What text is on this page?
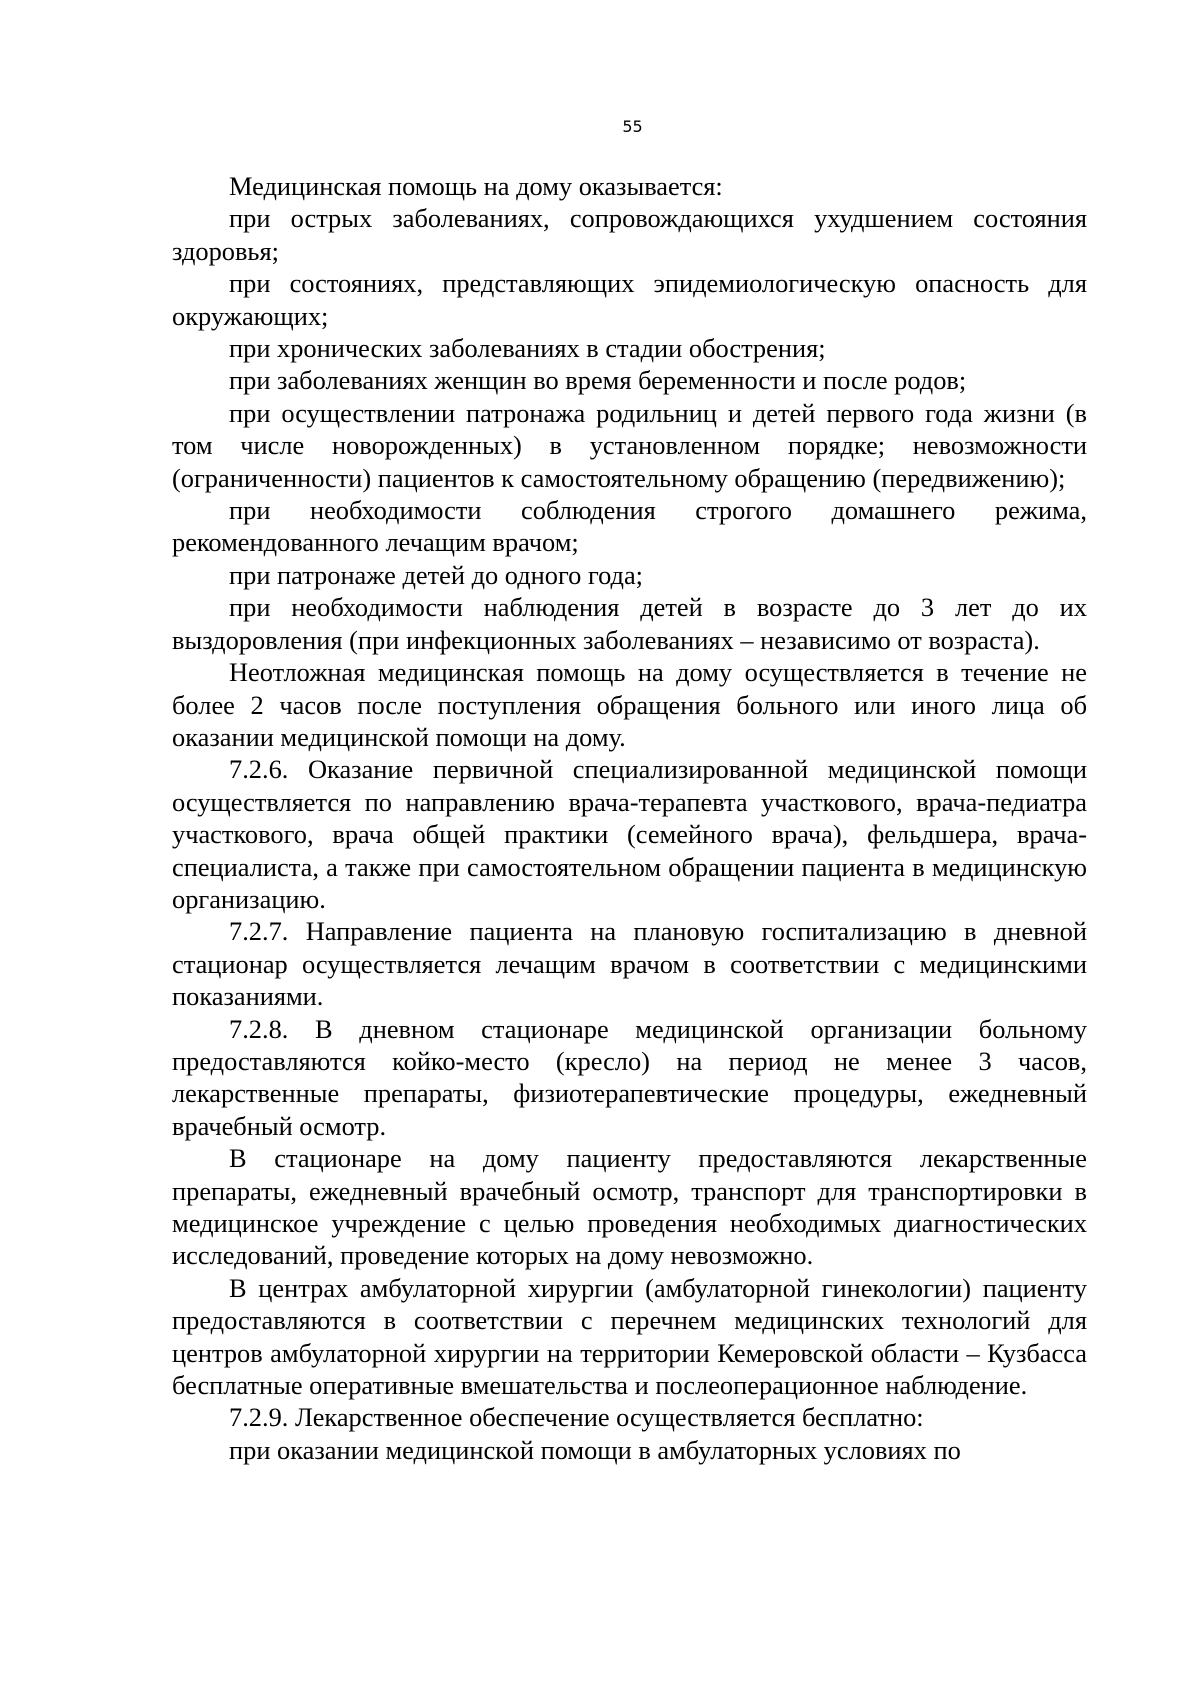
55

Медицинская помощь на дому оказывается:

при острых заболеваниях, сопровождающихся ухудшением состояния здоровья;

при состояниях, представляющих эпидемиологическую опасность для окружающих;

при хронических заболеваниях в стадии обострения;

при заболеваниях женщин во время беременности и после родов;

при осуществлении патронажа родильниц и детей первого года жизни (в том числе новорожденных) в установленном порядке; невозможности (ограниченности) пациентов к самостоятельному обращению (передвижению);

при необходимости соблюдения строгого домашнего режима, рекомендованного лечащим врачом;

при патронаже детей до одного года;

при необходимости наблюдения детей в возрасте до 3 лет до их выздоровления (при инфекционных заболеваниях – независимо от возраста).

Неотложная медицинская помощь на дому осуществляется в течение не более 2 часов после поступления обращения больного или иного лица об оказании медицинской помощи на дому.

7.2.6. Оказание первичной специализированной медицинской помощи осуществляется по направлению врача-терапевта участкового, врача-педиатра участкового, врача общей практики (семейного врача), фельдшера, врача-специалиста, а также при самостоятельном обращении пациента в медицинскую организацию.

7.2.7. Направление пациента на плановую госпитализацию в дневной стационар осуществляется лечащим врачом в соответствии с медицинскими показаниями.

7.2.8. В дневном стационаре медицинской организации больному предоставляются койко-место (кресло) на период не менее 3 часов, лекарственные препараты, физиотерапевтические процедуры, ежедневный врачебный осмотр.

В стационаре на дому пациенту предоставляются лекарственные препараты, ежедневный врачебный осмотр, транспорт для транспортировки в медицинское учреждение с целью проведения необходимых диагностических исследований, проведение которых на дому невозможно.

В центрах амбулаторной хирургии (амбулаторной гинекологии) пациенту предоставляются в соответствии с перечнем медицинских технологий для центров амбулаторной хирургии на территории Кемеровской области – Кузбасса бесплатные оперативные вмешательства и послеоперационное наблюдение.

7.2.9. Лекарственное обеспечение осуществляется бесплатно:

при оказании медицинской помощи в амбулаторных условиях по
